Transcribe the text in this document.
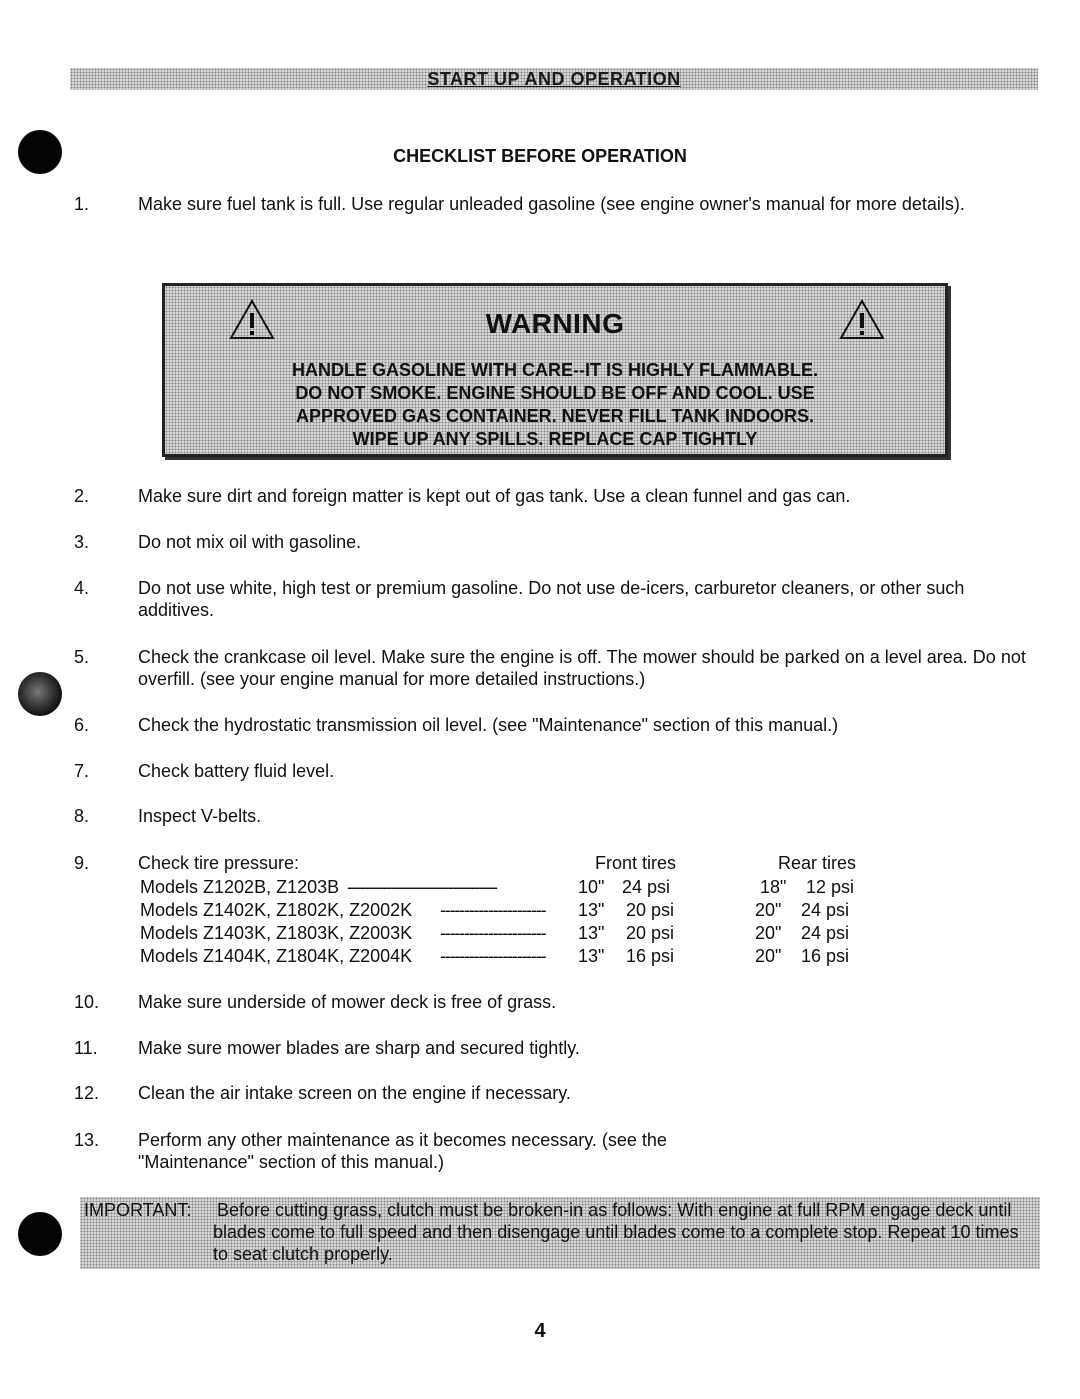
START UP AND OPERATION
CHECKLIST BEFORE OPERATION
1.	Make sure fuel tank is full. Use regular unleaded gasoline (see engine owner's manual for more details).
WARNING
HANDLE GASOLINE WITH CARE--IT IS HIGHLY FLAMMABLE.
DO NOT SMOKE. ENGINE SHOULD BE OFF AND COOL. USE
APPROVED GAS CONTAINER. NEVER FILL TANK INDOORS.
WIPE UP ANY SPILLS. REPLACE CAP TIGHTLY
2.	Make sure dirt and foreign matter is kept out of gas tank. Use a clean funnel and gas can.
3.	Do not mix oil with gasoline.
4.	Do not use white, high test or premium gasoline. Do not use de-icers, carburetor cleaners, or other such additives.
5.	Check the crankcase oil level. Make sure the engine is off. The mower should be parked on a level area. Do not overfill. (see your engine manual for more detailed instructions.)
6.	Check the hydrostatic transmission oil level. (see "Maintenance" section of this manual.)
7.	Check battery fluid level.
8.	Inspect V-belts.
9.	Check tire pressure:	Front tires	Rear tires
Models Z1202B, Z1203B ----------------------------------	10" 24 psi	18" 12 psi
Models Z1402K, Z1802K, Z2002K ---------------------- 13" 20 psi	20" 24 psi
Models Z1403K, Z1803K, Z2003K ---------------------- 13" 20 psi	20" 24 psi
Models Z1404K, Z1804K, Z2004K ---------------------- 13" 16 psi	20" 16 psi
10.	Make sure underside of mower deck is free of grass.
11.	Make sure mower blades are sharp and secured tightly.
12.	Clean the air intake screen on the engine if necessary.
13.	Perform any other maintenance as it becomes necessary. (see the "Maintenance" section of this manual.)
IMPORTANT: Before cutting grass, clutch must be broken-in as follows: With engine at full RPM engage deck until blades come to full speed and then disengage until blades come to a complete stop. Repeat 10 times to seat clutch properly.
4
